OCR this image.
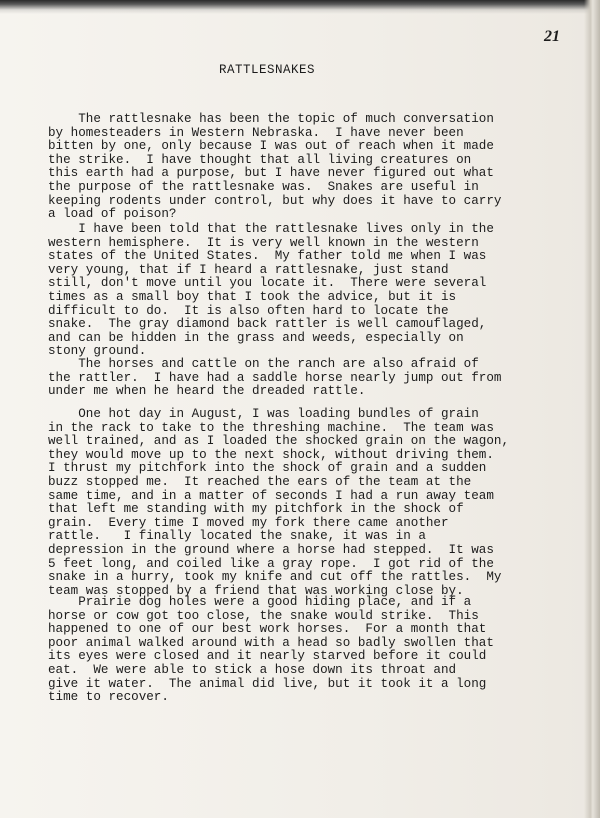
21
RATTLESNAKES

The rattlesnake has been the topic of much conversation
by homesteaders in Western Nebraska.  I have never been
bitten by one, only because I was out of reach when it made
the strike.  I have thought that all living creatures on
this earth had a purpose, but I have never figured out what
the purpose of the rattlesnake was.  Snakes are useful in
keeping rodents under control, but why does it have to carry
a load of poison?

I have been told that the rattlesnake lives only in the
western hemisphere.  It is very well known in the western
states of the United States.  My father told me when I was
very young, that if I heard a rattlesnake, just stand
still, don't move until you locate it.  There were several
times as a small boy that I took the advice, but it is
difficult to do.  It is also often hard to locate the
snake.  The gray diamond back rattler is well camouflaged,
and can be hidden in the grass and weeds, especially on
stony ground.

The horses and cattle on the ranch are also afraid of
the rattler.  I have had a saddle horse nearly jump out from
under me when he heard the dreaded rattle.

One hot day in August, I was loading bundles of grain
in the rack to take to the threshing machine.  The team was
well trained, and as I loaded the shocked grain on the wagon,
they would move up to the next shock, without driving them.
I thrust my pitchfork into the shock of grain and a sudden
buzz stopped me.  It reached the ears of the team at the
same time, and in a matter of seconds I had a run away team
that left me standing with my pitchfork in the shock of
grain.  Every time I moved my fork there came another
rattle.   I finally located the snake, it was in a
depression in the ground where a horse had stepped.  It was
5 feet long, and coiled like a gray rope.  I got rid of the
snake in a hurry, took my knife and cut off the rattles.  My
team was stopped by a friend that was working close by.

Prairie dog holes were a good hiding place, and if a
horse or cow got too close, the snake would strike.  This
happened to one of our best work horses.  For a month that
poor animal walked around with a head so badly swollen that
its eyes were closed and it nearly starved before it could
eat.  We were able to stick a hose down its throat and
give it water.  The animal did live, but it took it a long
time to recover.
